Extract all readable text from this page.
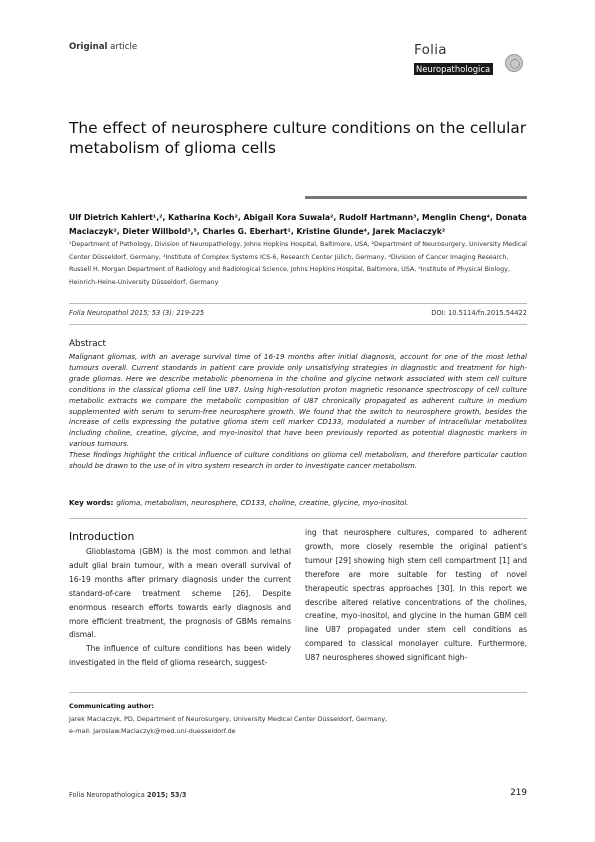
Original article	Folia
Neuropathologica
The effect of neurosphere culture conditions on the cellular metabolism of glioma cells
Ulf Dietrich Kahlert¹,², Katharina Koch², Abigail Kora Suwala², Rudolf Hartmann³, Menglin Cheng⁴, Donata Maciaczyk², Dieter Willbold³,⁵, Charles G. Eberhart¹, Kristine Glunde⁴, Jarek Maciaczyk²
¹Department of Pathology, Division of Neuropathology, Johns Hopkins Hospital, Baltimore, USA, ²Department of Neurosurgery, University Medical Center Düsseldorf, Germany, ³Institute of Complex Systems ICS-6, Research Center Jülich, Germany, ⁴Division of Cancer Imaging Research, Russell H. Morgan Department of Radiology and Radiological Science, Johns Hopkins Hospital, Baltimore, USA, ⁵Institute of Physical Biology, Heinrich-Heine-University Düsseldorf, Germany
Folia Neuropathol 2015; 53 (3): 219-225	DOI: 10.5114/fn.2015.54422
Abstract

Malignant gliomas, with an average survival time of 16-19 months after initial diagnosis, account for one of the most lethal tumours overall. Current standards in patient care provide only unsatisfying strategies in diagnostic and treatment for high-grade gliomas. Here we describe metabolic phenomena in the choline and glycine network associated with stem cell culture conditions in the classical glioma cell line U87. Using high-resolution proton magnetic resonance spectroscopy of cell culture metabolic extracts we compare the metabolic composition of U87 chronically propagated as adherent culture in medium supplemented with serum to serum-free neurosphere growth. We found that the switch to neurosphere growth, besides the increase of cells expressing the putative glioma stem cell marker CD133, modulated a number of intracellular metabolites including choline, creatine, glycine, and myo-inositol that have been previously reported as potential diagnostic markers in various tumours.

These findings highlight the critical influence of culture conditions on glioma cell metabolism, and therefore particular caution should be drawn to the use of in vitro system research in order to investigate cancer metabolism.

Key words: glioma, metabolism, neurosphere, CD133, choline, creatine, glycine, myo-inositol.
Introduction

Glioblastoma (GBM) is the most common and lethal adult glial brain tumour, with a mean overall survival of 16-19 months after primary diagnosis under the current standard-of-care treatment scheme [26]. Despite enormous research efforts towards early diagnosis and more efficient treatment, the prognosis of GBMs remains dismal.

The influence of culture conditions has been widely investigated in the field of glioma research, suggest-

ing that neurosphere cultures, compared to adherent growth, more closely resemble the original patient's tumour [29] showing high stem cell compartment [1] and therefore are more suitable for testing of novel therapeutic spectras approaches [30]. In this report we describe altered relative concentrations of the cholines, creatine, myo-inositol, and glycine in the human GBM cell line U87 propagated under stem cell conditions as compared to classical monolayer culture. Furthermore, U87 neurospheres showed significant high-

Communicating author:
Jarek Maciaczyk, PD, Department of Neurosurgery, University Medical Center Düsseldorf, Germany,
e-mail: Jaroslaw.Maciaczyk@med.uni-duesseldorf.de
Folia Neuropathologica 2015; 53/3	219
